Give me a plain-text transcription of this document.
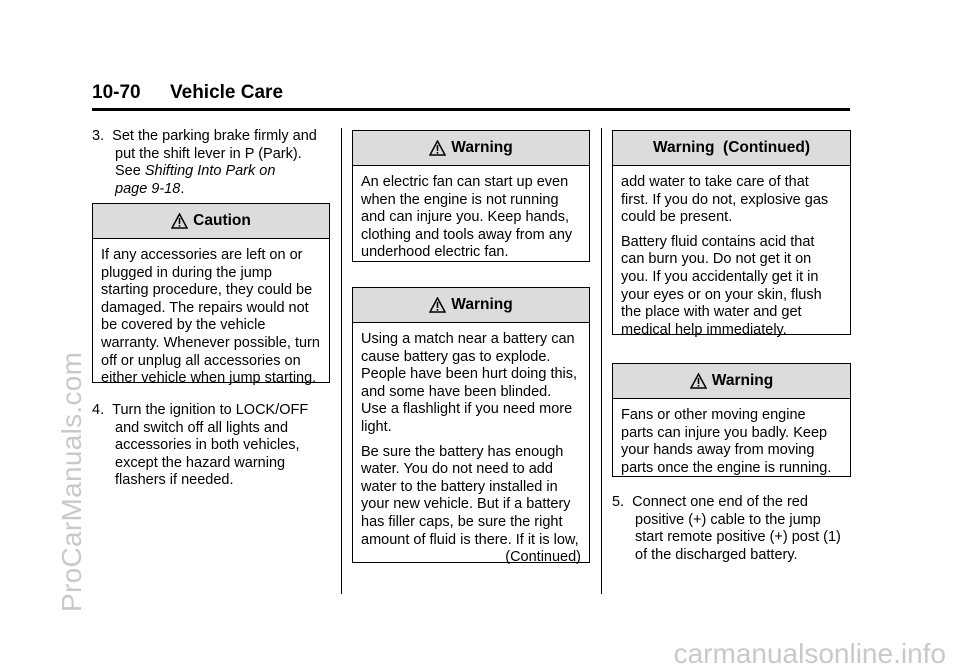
10-70 Vehicle Care
ProCarManuals.com
carmanualsonline.info
3. Set the parking brake firmly and
put the shift lever in P (Park).
See Shifting Into Park on
page 9-18.
Caution
If any accessories are left on or
plugged in during the jump
starting procedure, they could be
damaged. The repairs would not
be covered by the vehicle
warranty. Whenever possible, turn
off or unplug all accessories on
either vehicle when jump starting.
4. Turn the ignition to LOCK/OFF
and switch off all lights and
accessories in both vehicles,
except the hazard warning
flashers if needed.
Warning
An electric fan can start up even
when the engine is not running
and can injure you. Keep hands,
clothing and tools away from any
underhood electric fan.
Warning
Using a match near a battery can
cause battery gas to explode.
People have been hurt doing this,
and some have been blinded.
Use a flashlight if you need more
light.
Be sure the battery has enough
water. You do not need to add
water to the battery installed in
your new vehicle. But if a battery
has filler caps, be sure the right
amount of fluid is there. If it is low,
(Continued)
Warning  (Continued)
add water to take care of that
first. If you do not, explosive gas
could be present.
Battery fluid contains acid that
can burn you. Do not get it on
you. If you accidentally get it in
your eyes or on your skin, flush
the place with water and get
medical help immediately.
Warning
Fans or other moving engine
parts can injure you badly. Keep
your hands away from moving
parts once the engine is running.
5. Connect one end of the red
positive (+) cable to the jump
start remote positive (+) post (1)
of the discharged battery.
